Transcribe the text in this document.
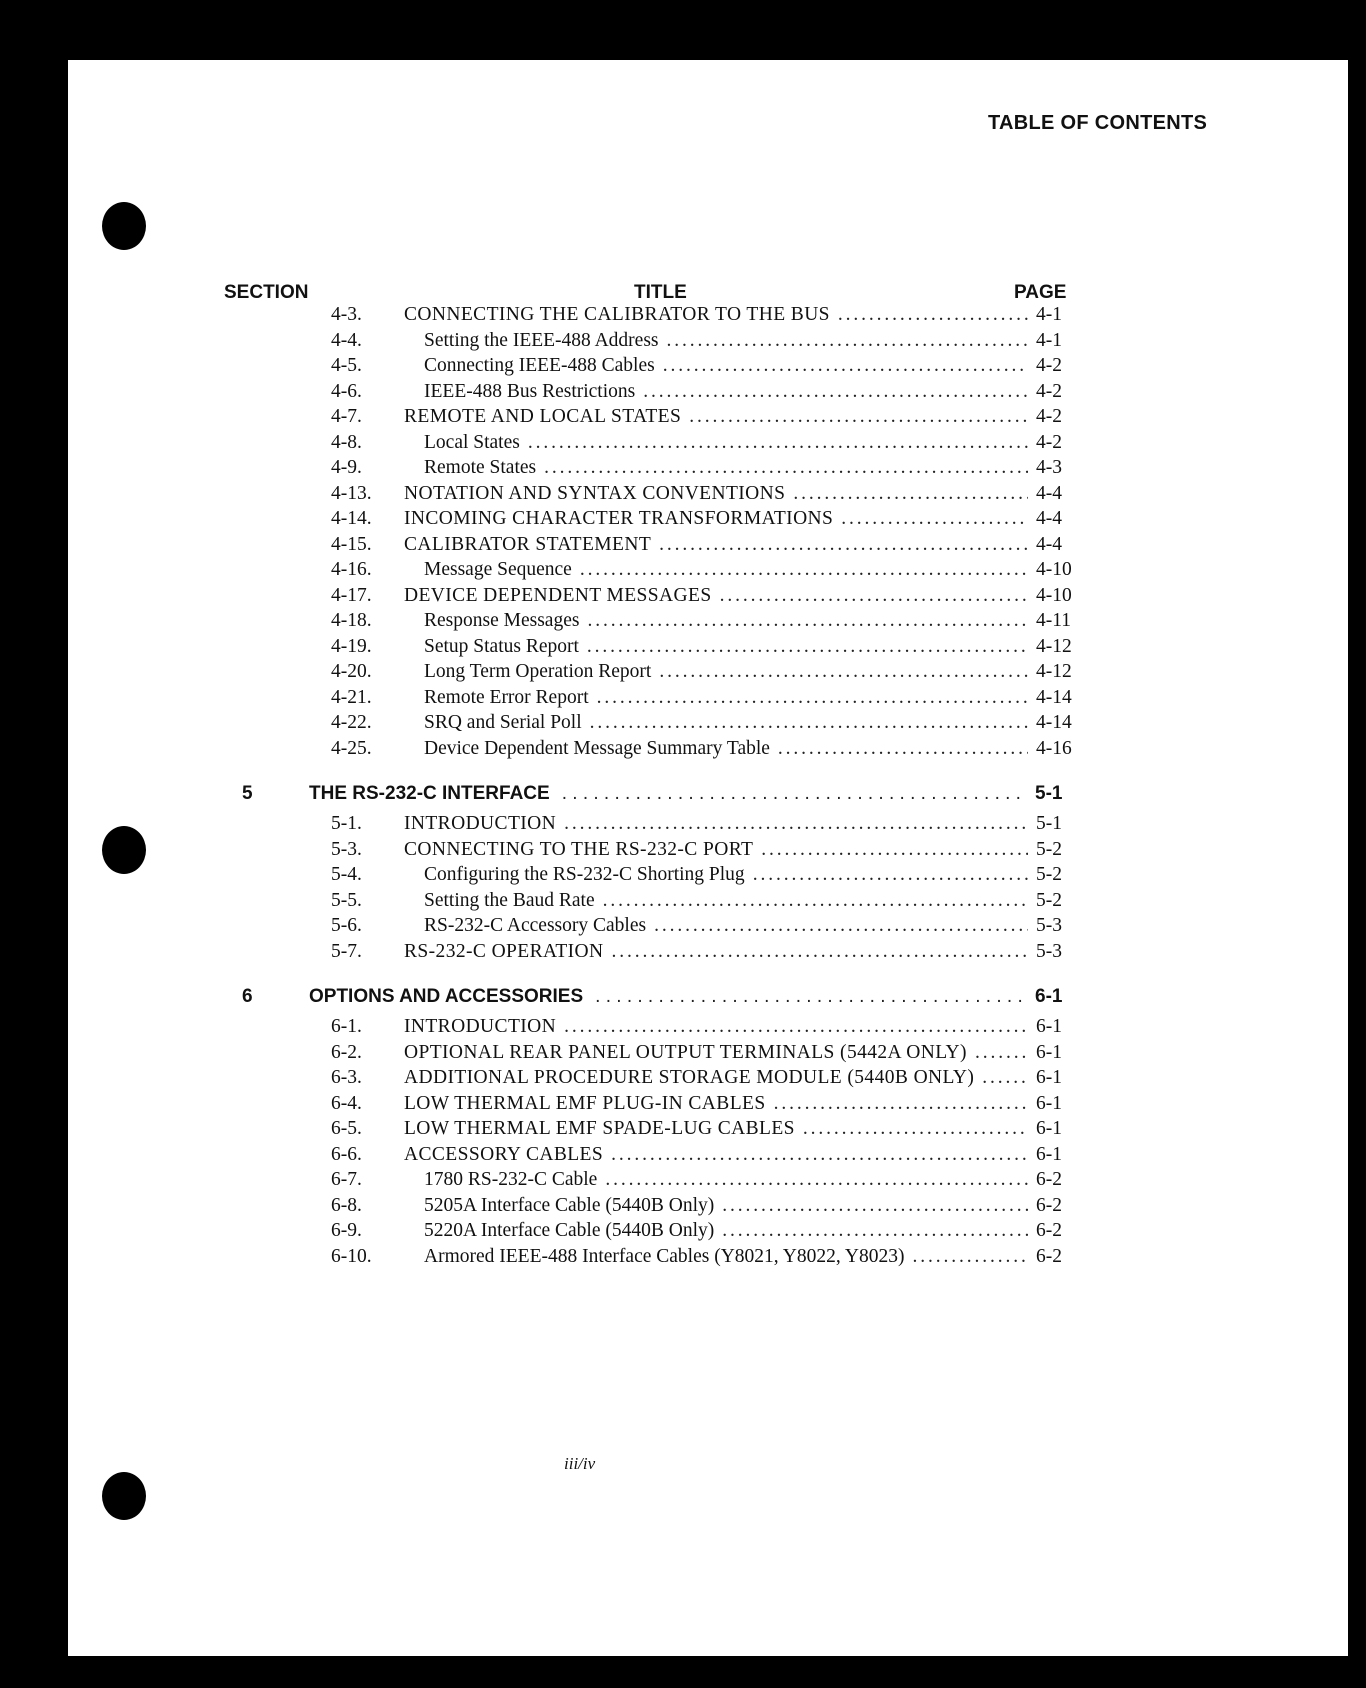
TABLE OF CONTENTS
SECTION	TITLE	PAGE
4-3. CONNECTING THE CALIBRATOR TO THE BUS . . .	4-1
4-4.	Setting the IEEE-488 Address . . .	4-1
4-5.	Connecting IEEE-488 Cables . . .	4-2
4-6.	IEEE-488 Bus Restrictions . . .	4-2
4-7. REMOTE AND LOCAL STATES . . .	4-2
4-8.	Local States . . .	4-2
4-9.	Remote States . . .	4-3
4-13. NOTATION AND SYNTAX CONVENTIONS . . .	4-4
4-14. INCOMING CHARACTER TRANSFORMATIONS . . .	4-4
4-15. CALIBRATOR STATEMENT . . .	4-4
4-16.	Message Sequence . . .	4-10
4-17. DEVICE DEPENDENT MESSAGES . . .	4-10
4-18.	Response Messages . . .	4-11
4-19.	Setup Status Report . . .	4-12
4-20.	Long Term Operation Report . . .	4-12
4-21.	Remote Error Report . . .	4-14
4-22.	SRQ and Serial Poll . . .	4-14
4-25.	Device Dependent Message Summary Table . . .	4-16
5	THE RS-232-C INTERFACE . . .	5-1
5-1. INTRODUCTION . . .	5-1
5-3. CONNECTING TO THE RS-232-C PORT . . .	5-2
5-4.	Configuring the RS-232-C Shorting Plug . . .	5-2
5-5.	Setting the Baud Rate . . .	5-2
5-6.	RS-232-C Accessory Cables . . .	5-3
5-7. RS-232-C OPERATION . . .	5-3
6	OPTIONS AND ACCESSORIES . . .	6-1
6-1. INTRODUCTION . . .	6-1
6-2. OPTIONAL REAR PANEL OUTPUT TERMINALS (5442A ONLY) . . .	6-1
6-3. ADDITIONAL PROCEDURE STORAGE MODULE (5440B ONLY) . . .	6-1
6-4. LOW THERMAL EMF PLUG-IN CABLES . . .	6-1
6-5. LOW THERMAL EMF SPADE-LUG CABLES . . .	6-1
6-6. ACCESSORY CABLES . . .	6-1
6-7.	1780 RS-232-C Cable . . .	6-2
6-8.	5205A Interface Cable (5440B Only) . . .	6-2
6-9.	5220A Interface Cable (5440B Only) . . .	6-2
6-10.	Armored IEEE-488 Interface Cables (Y8021, Y8022, Y8023) . . .	6-2
iii/iv
